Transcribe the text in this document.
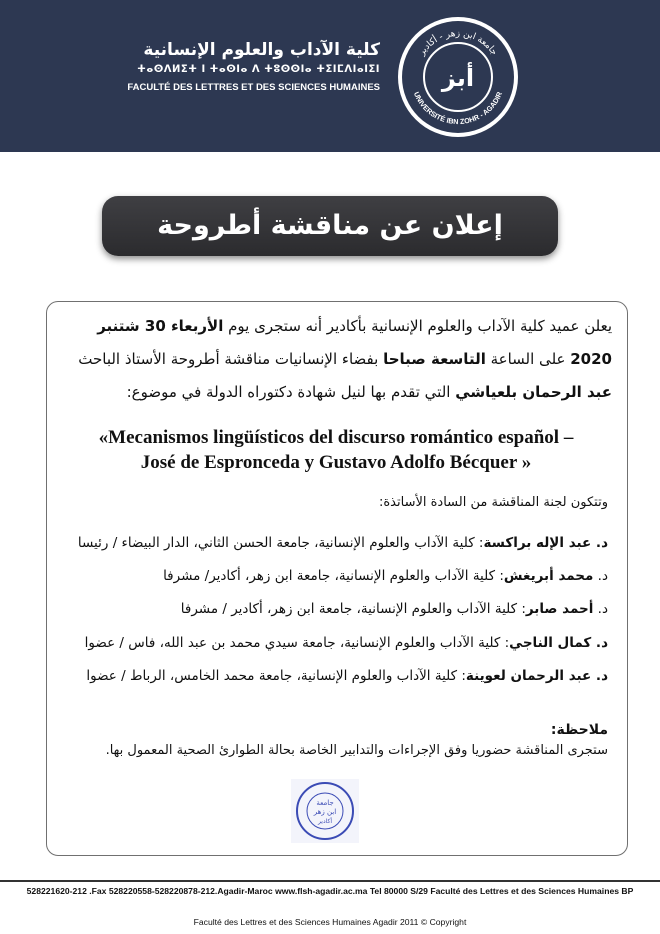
كلية الآداب والعلوم الإنسانية
ⵜⴰⵙⴷⵍⵉⵜ ⵏ ⵜⴰⵙⵏⴰ ⴷ ⵜⵓⵙⵙⵏⴰ ⵜⵉⵏⵎⴷⵏⴰⵏⵉⵏ
FACULTÉ DES LETTRES ET DES SCIENCES HUMAINES
جامعة ابن زهر - أكادير
UNIVERSITÉ IBN ZOHR - AGADIR
أبز
إعلان عن مناقشة أطروحة الدكتوراه
يعلن عميد كلية الآداب والعلوم الإنسانية بأكادير أنه ستجرى يوم الأربعاء 30 شتنبر
2020 على الساعة التاسعة صباحا بفضاء الإنسانيات مناقشة أطروحة الأستاذ الباحث
عبد الرحمان بلعياشي التي تقدم بها لنيل شهادة دكتوراه الدولة في موضوع:
«Mecanismos lingüísticos del discurso romántico español –
José de Espronceda y Gustavo Adolfo Bécquer »
وتتكون لجنة المناقشة من السادة الأساتذة:
د. عبد الإله براكسة: كلية الآداب والعلوم الإنسانية، جامعة الحسن الثاني، الدار البيضاء / رئيسا
د. محمد أبريغش: كلية الآداب والعلوم الإنسانية، جامعة ابن زهر، أكادير/ مشرفا
د. أحمد صابر: كلية الآداب والعلوم الإنسانية، جامعة ابن زهر، أكادير / مشرفا
د. كمال الناجي: كلية الآداب والعلوم الإنسانية، جامعة سيدي محمد بن عبد الله، فاس / عضوا
د. عبد الرحمان لعوينة: كلية الآداب والعلوم الإنسانية، جامعة محمد الخامس، الرباط / عضوا
ملاحظة:
ستجرى المناقشة حضوريا وفق الإجراءات والتدابير الخاصة بحالة الطوارئ الصحية المعمول بها.
جامعة
ابن زهر
أكادير
528221620-212 .Fax 528220558-528220878-212.Agadir-Maroc www.flsh-agadir.ac.ma Tel 80000 S/29 Faculté des Lettres et des Sciences Humaines BP
Faculté des Lettres et des Sciences Humaines Agadir 2011 © Copyright
